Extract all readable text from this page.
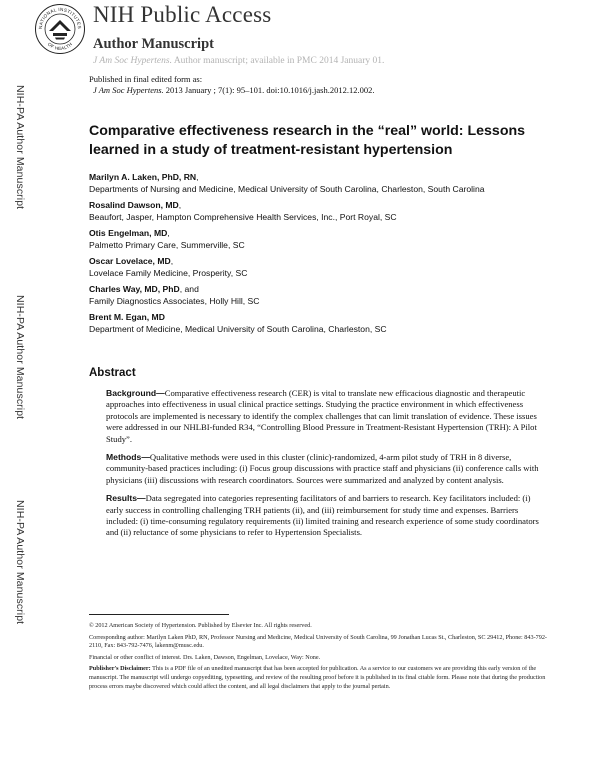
NIH-PA Author Manuscript
NIH-PA Author Manuscript
NIH-PA Author Manuscript
NATIONAL INSTITUTES
OF HEALTH
NIH Public Access
Author Manuscript
J Am Soc Hypertens. Author manuscript; available in PMC 2014 January 01.
Published in final edited form as:
J Am Soc Hypertens. 2013 January ; 7(1): 95–101. doi:10.1016/j.jash.2012.12.002.
Comparative effectiveness research in the “real” world: Lessons learned in a study of treatment-resistant hypertension

Marilyn A. Laken, PhD, RN,
Departments of Nursing and Medicine, Medical University of South Carolina, Charleston, South Carolina

Rosalind Dawson, MD,
Beaufort, Jasper, Hampton Comprehensive Health Services, Inc., Port Royal, SC

Otis Engelman, MD,
Palmetto Primary Care, Summerville, SC

Oscar Lovelace, MD,
Lovelace Family Medicine, Prosperity, SC

Charles Way, MD, PhD, and
Family Diagnostics Associates, Holly Hill, SC

Brent M. Egan, MD
Department of Medicine, Medical University of South Carolina, Charleston, SC

Abstract

Background—Comparative effectiveness research (CER) is vital to translate new efficacious diagnostic and therapeutic approaches into effectiveness in usual clinical practice settings. Studying the practice environment in which effectiveness protocols are implemented is necessary to identify the complex challenges that can limit translation of evidence. These issues were addressed in our NHLBI-funded R34, “Controlling Blood Pressure in Treatment-Resistant Hypertension (TRH): A Pilot Study”.

Methods—Qualitative methods were used in this cluster (clinic)-randomized, 4-arm pilot study of TRH in 8 diverse, community-based practices including: (i) Focus group discussions with practice staff and physicians (ii) conference calls with physicians (iii) discussions with research coordinators. Sources were summarized and analyzed by content analysis.

Results—Data segregated into categories representing facilitators of and barriers to research. Key facilitators included: (i) early success in controlling challenging TRH patients (ii), and (iii) reimbursement for study time and expenses. Barriers included: (i) time-consuming regulatory requirements (ii) limited training and research experience of some study coordinators and (ii) reluctance of some physicians to refer to Hypertension Specialists.

© 2012 American Society of Hypertension. Published by Elsevier Inc. All rights reserved.

Corresponding author: Marilyn Laken PhD, RN, Professor Nursing and Medicine, Medical University of South Carolina, 99 Jonathan Lucas St., Charleston, SC 29412, Phone: 843-792-2110, Fax: 843-792-7476, lakenm@musc.edu.

Financial or other conflict of interest. Drs. Laken, Dawson, Engelman, Lovelace, Way: None.

Publisher's Disclaimer: This is a PDF file of an unedited manuscript that has been accepted for publication. As a service to our customers we are providing this early version of the manuscript. The manuscript will undergo copyediting, typesetting, and review of the resulting proof before it is published in its final citable form. Please note that during the production process errors maybe discovered which could affect the content, and all legal disclaimers that apply to the journal pertain.
